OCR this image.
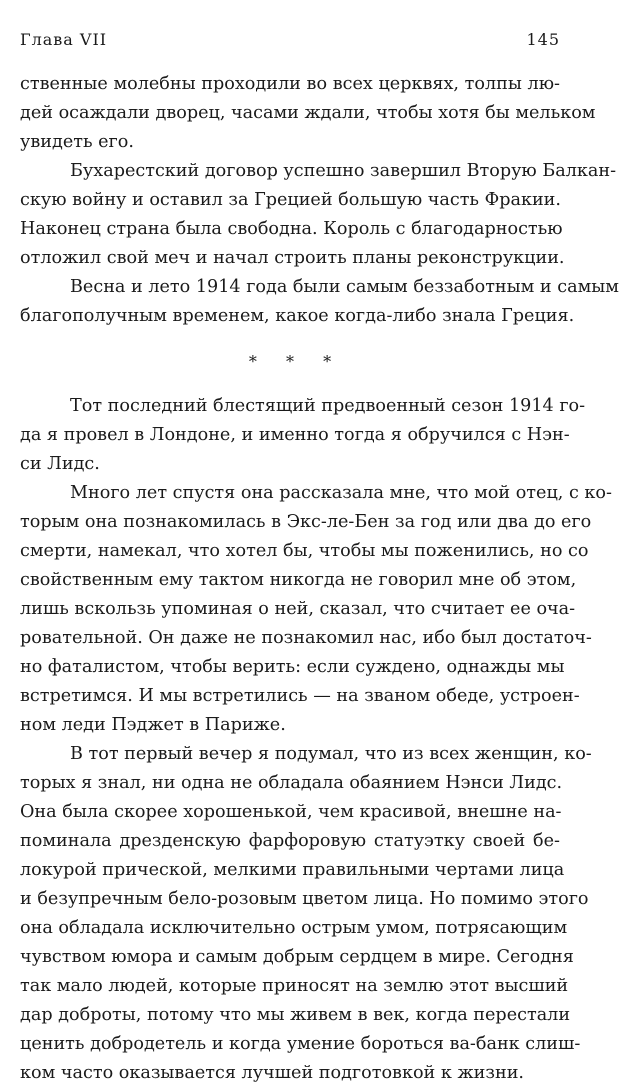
Глава VII	145
ственные молебны проходили во всех церквях, толпы лю-
дей осаждали дворец, часами ждали, чтобы хотя бы мельком
увидеть его.
Бухарестский договор успешно завершил Вторую Балкан-
скую войну и оставил за Грецией большую часть Фракии.
Наконец страна была свободна. Король с благодарностью
отложил свой меч и начал строить планы реконструкции.
Весна и лето 1914 года были самым беззаботным и самым
благополучным временем, какое когда-либо знала Греция.
* * *
Тот последний блестящий предвоенный сезон 1914 го-
да я провел в Лондоне, и именно тогда я обручился с Нэн-
си Лидс.
Много лет спустя она рассказала мне, что мой отец, с ко-
торым она познакомилась в Экс-ле-Бен за год или два до его
смерти, намекал, что хотел бы, чтобы мы поженились, но со
свойственным ему тактом никогда не говорил мне об этом,
лишь вскользь упоминая о ней, сказал, что считает ее оча-
ровательной. Он даже не познакомил нас, ибо был достаточ-
но фаталистом, чтобы верить: если суждено, однажды мы
встретимся. И мы встретились — на званом обеде, устроен-
ном леди Пэджет в Париже.
В тот первый вечер я подумал, что из всех женщин, ко-
торых я знал, ни одна не обладала обаянием Нэнси Лидс.
Она была скорее хорошенькой, чем красивой, внешне на-
поминала дрезденскую фарфоровую статуэтку своей бе-
локурой прической, мелкими правильными чертами лица
и безупречным бело-розовым цветом лица. Но помимо этого
она обладала исключительно острым умом, потрясающим
чувством юмора и самым добрым сердцем в мире. Сегодня
так мало людей, которые приносят на землю этот высший
дар доброты, потому что мы живем в век, когда перестали
ценить добродетель и когда умение бороться ва-банк слиш-
ком часто оказывается лучшей подготовкой к жизни.
